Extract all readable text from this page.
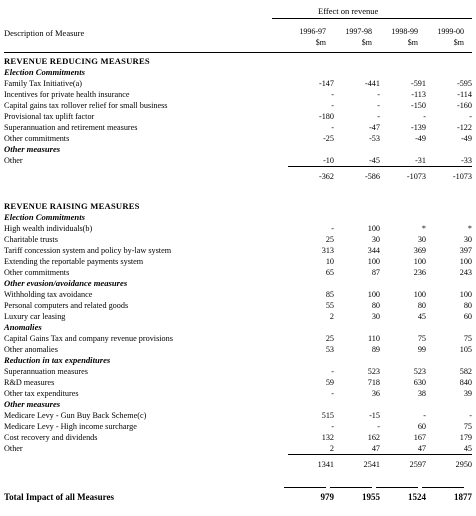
Effect on revenue
Description of Measure	1996-97	1997-98	1998-99	1999-00
$m	$m	$m	$m
REVENUE REDUCING MEASURES				
Election Commitments				
Family Tax Initiative(a)	-147	-441	-591	-595
Incentives for private health insurance	-	-	-113	-114
Capital gains tax rollover relief for small business	-	-	-150	-160
Provisional tax uplift factor	-180	-	-	-
Superannuation and retirement measures	-	-47	-139	-122
Other commitments	-25	-53	-49	-49
Other measures				
Other	-10	-45	-31	-33
	-362	-586	-1073	-1073

REVENUE RAISING MEASURES				
Election Commitments				
High wealth individuals(b)	-	100	*	*
Charitable trusts	25	30	30	30
Tariff concession system and policy by-law system	313	344	369	397
Extending the reportable payments system	10	100	100	100
Other commitments	65	87	236	243
Other evasion/avoidance measures				
Withholding tax avoidance	85	100	100	100
Personal computers and related goods	55	80	80	80
Luxury car leasing	2	30	45	60
Anomalies				
Capital Gains Tax and company revenue provisions	25	110	75	75
Other anomalies	53	89	99	105
Reduction in tax expenditures				
Superannuation measures	-	523	523	582
R&D measures	59	718	630	840
Other tax expenditures	-	36	38	39
Other measures				
Medicare Levy - Gun Buy Back Scheme(c)	515	-15	-	-
Medicare Levy - High income surcharge	-	-	60	75
Cost recovery and dividends	132	162	167	179
Other	2	47	47	45
	1341	2541	2597	2950
Total Impact of all Measures	979	1955	1524	1877
